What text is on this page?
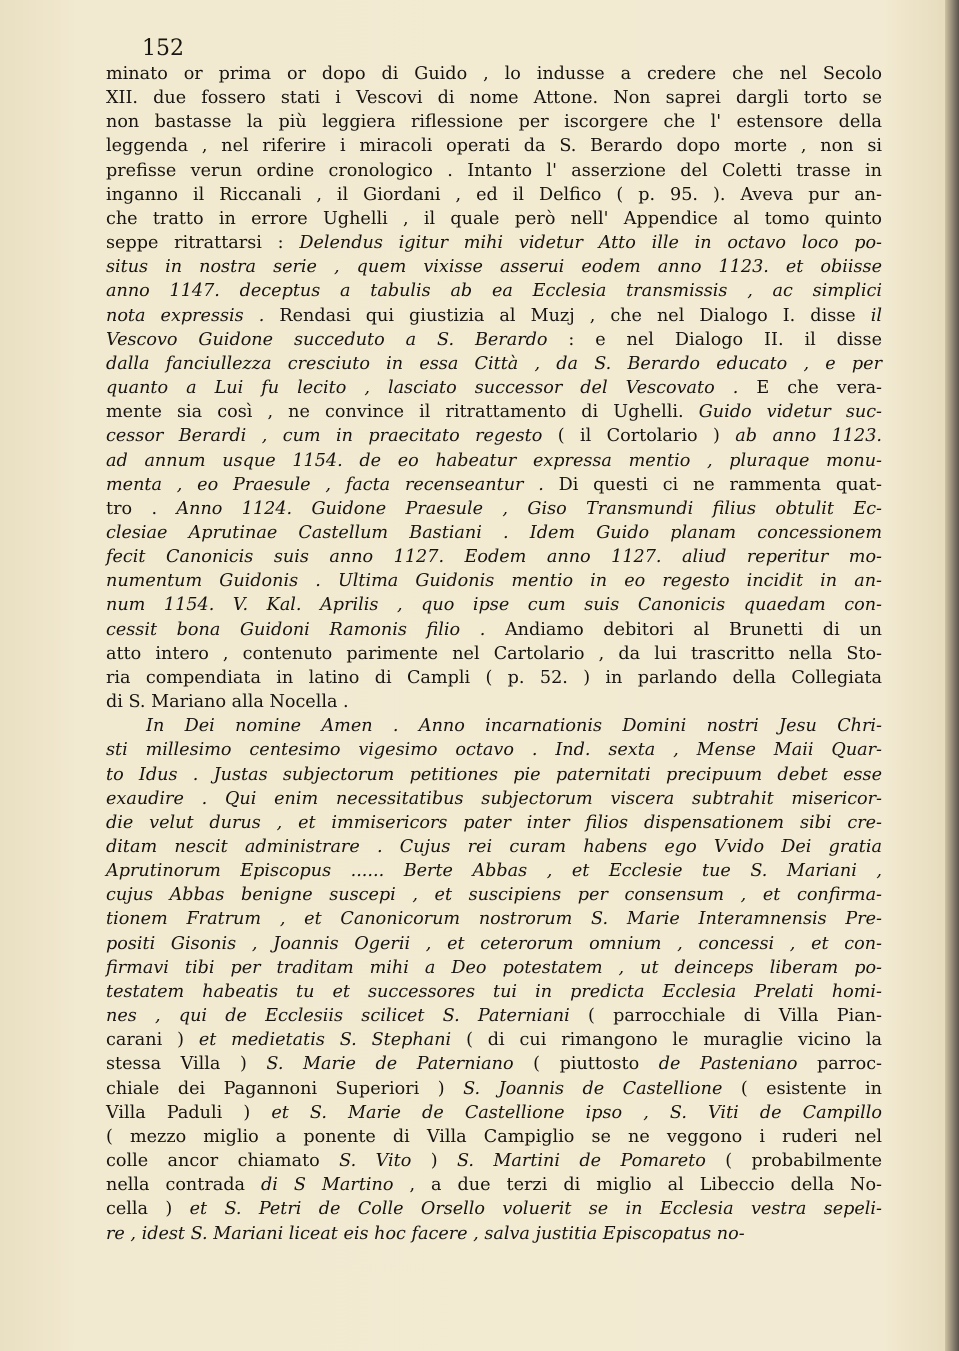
152
minato or prima or dopo di Guido , lo indusse a credere che nel Secolo
XII. due fossero stati i Vescovi di nome Attone. Non saprei dargli torto se
non bastasse la più leggiera riflessione per iscorgere che l' estensore della
leggenda , nel riferire i miracoli operati da S. Berardo dopo morte , non si
prefisse verun ordine cronologico . Intanto l' asserzione del Coletti trasse in
inganno il Riccanali , il Giordani , ed il Delfico ( p. 95. ). Aveva pur an-
che tratto in errore Ughelli , il quale però nell' Appendice al tomo quinto
seppe ritrattarsi : Delendus igitur mihi videtur Atto ille in octavo loco po-
situs in nostra serie , quem vixisse asserui eodem anno 1123. et obiisse
anno 1147. deceptus a tabulis ab ea Ecclesia transmissis , ac simplici
nota expressis . Rendasi qui giustizia al Muzj , che nel Dialogo I. disse il
Vescovo Guidone succeduto a S. Berardo : e nel Dialogo II. il disse
dalla fanciullezza cresciuto in essa Città , da S. Berardo educato , e per
quanto a Lui fu lecito , lasciato successor del Vescovato . E che vera-
mente sia così , ne convince il ritrattamento di Ughelli. Guido videtur suc-
cessor Berardi , cum in praecitato regesto ( il Cortolario ) ab anno 1123.
ad annum usque 1154. de eo habeatur expressa mentio , pluraque monu-
menta , eo Praesule , facta recenseantur . Di questi ci ne rammenta quat-
tro . Anno 1124. Guidone Praesule , Giso Transmundi filius obtulit Ec-
clesiae Aprutinae Castellum Bastiani . Idem Guido planam concessionem
fecit Canonicis suis anno 1127. Eodem anno 1127. aliud reperitur mo-
numentum Guidonis . Ultima Guidonis mentio in eo regesto incidit in an-
num 1154. V. Kal. Aprilis , quo ipse cum suis Canonicis quaedam con-
cessit bona Guidoni Ramonis filio . Andiamo debitori al Brunetti di un
atto intero , contenuto parimente nel Cartolario , da lui trascritto nella Sto-
ria compendiata in latino di Campli ( p. 52. ) in parlando della Collegiata
di S. Mariano alla Nocella .
In Dei nomine Amen . Anno incarnationis Domini nostri Jesu Chri-
sti millesimo centesimo vigesimo octavo . Ind. sexta , Mense Maii Quar-
to Idus . Justas subjectorum petitiones pie paternitati precipuum debet esse
exaudire . Qui enim necessitatibus subjectorum viscera subtrahit misericor-
die velut durus , et immisericors pater inter filios dispensationem sibi cre-
ditam nescit administrare . Cujus rei curam habens ego Vvido Dei gratia
Aprutinorum Episcopus ...... Berte Abbas , et Ecclesie tue S. Mariani ,
cujus Abbas benigne suscepi , et suscipiens per consensum , et confirma-
tionem Fratrum , et Canonicorum nostrorum S. Marie Interamnensis Pre-
positi Gisonis , Joannis Ogerii , et ceterorum omnium , concessi , et con-
firmavi tibi per traditam mihi a Deo potestatem , ut deinceps liberam po-
testatem habeatis tu et successores tui in predicta Ecclesia Prelati homi-
nes , qui de Ecclesiis scilicet S. Paterniani ( parrocchiale di Villa Pian-
carani ) et medietatis S. Stephani ( di cui rimangono le muraglie vicino la
stessa Villa ) S. Marie de Paterniano ( piuttosto de Pasteniano parroc-
chiale dei Pagannoni Superiori ) S. Joannis de Castellione ( esistente in
Villa Paduli ) et S. Marie de Castellione ipso , S. Viti de Campillo
( mezzo miglio a ponente di Villa Campiglio se ne veggono i ruderi nel
colle ancor chiamato S. Vito ) S. Martini de Pomareto ( probabilmente
nella contrada di S Martino , a due terzi di miglio al Libeccio della No-
cella ) et S. Petri de Colle Orsello voluerit se in Ecclesia vestra sepeli-
re , idest S. Mariani liceat eis hoc facere , salva justitia Episcopatus no-
